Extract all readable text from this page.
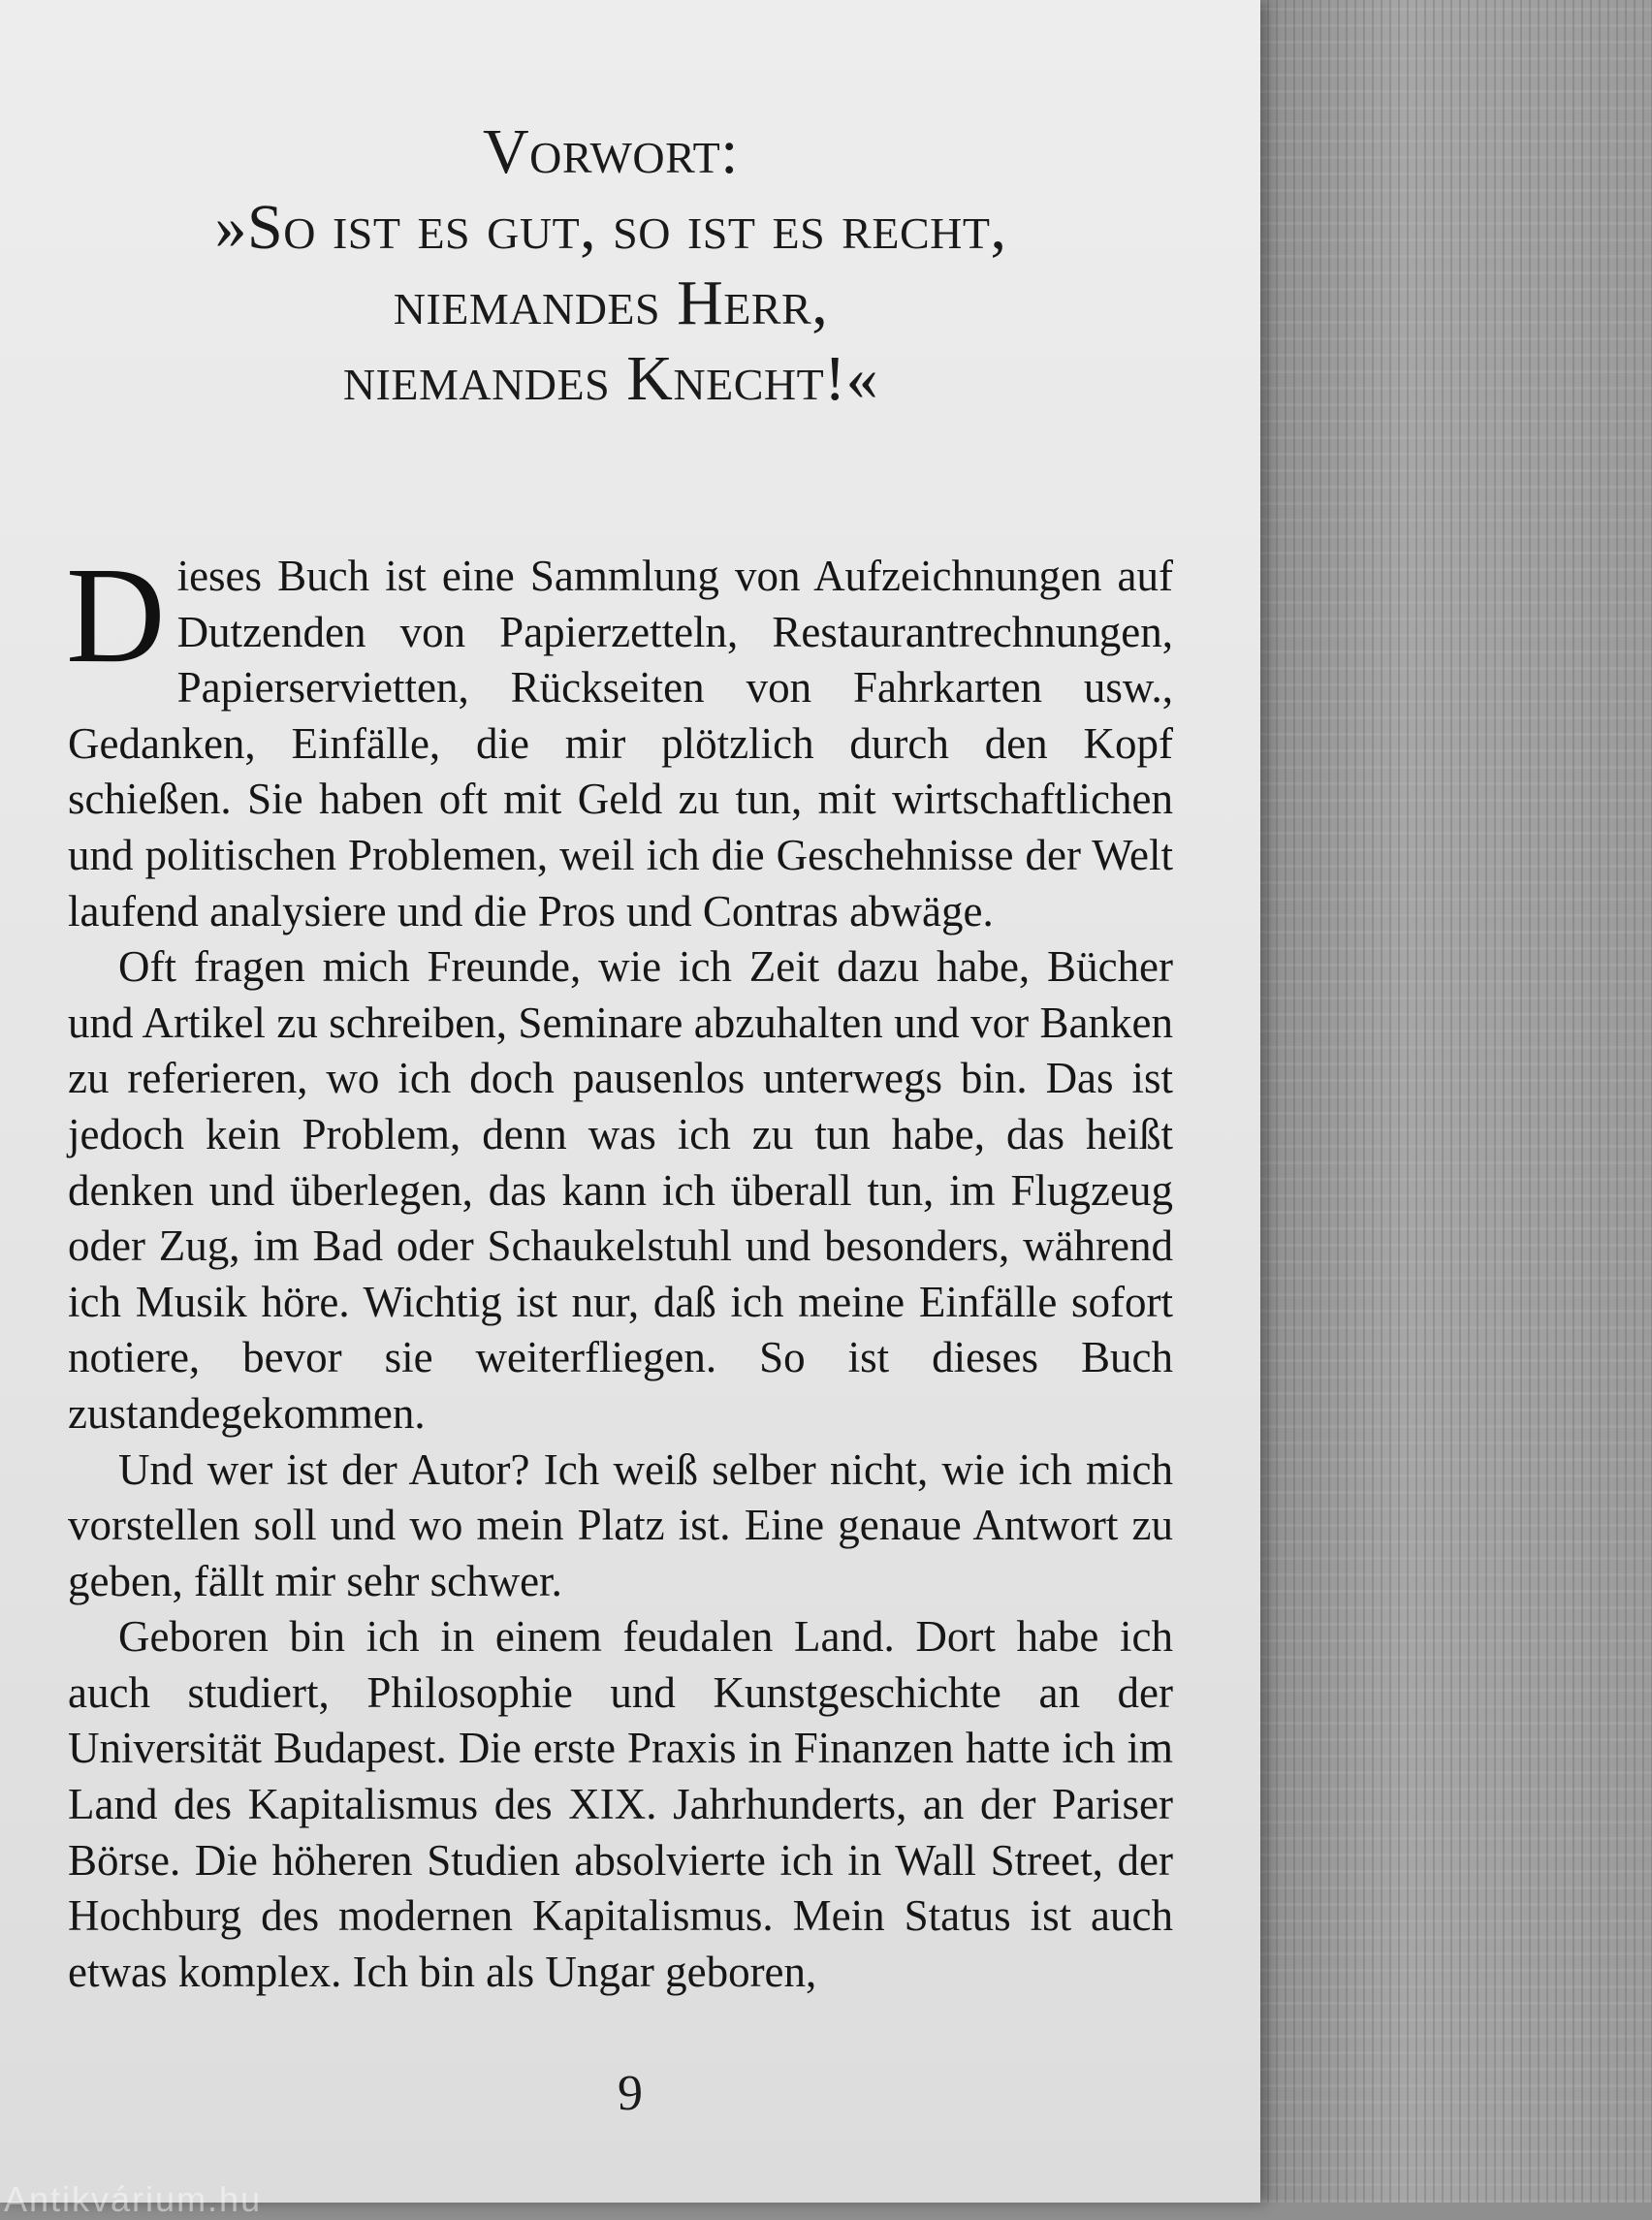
Vorwort:
»So ist es gut, so ist es recht,
niemandes Herr,
niemandes Knecht!«

Dieses Buch ist eine Sammlung von Aufzeichnungen auf Dutzenden von Papierzetteln, Restaurantrechnungen, Papierservietten, Rückseiten von Fahrkarten usw., Gedanken, Einfälle, die mir plötzlich durch den Kopf schießen. Sie haben oft mit Geld zu tun, mit wirtschaftlichen und politischen Problemen, weil ich die Geschehnisse der Welt laufend analysiere und die Pros und Contras abwäge.

Oft fragen mich Freunde, wie ich Zeit dazu habe, Bücher und Artikel zu schreiben, Seminare abzuhalten und vor Banken zu referieren, wo ich doch pausenlos unterwegs bin. Das ist jedoch kein Problem, denn was ich zu tun habe, das heißt denken und überlegen, das kann ich überall tun, im Flugzeug oder Zug, im Bad oder Schaukelstuhl und besonders, während ich Musik höre. Wichtig ist nur, daß ich meine Einfälle sofort notiere, bevor sie weiterfliegen. So ist dieses Buch zustandegekommen.

Und wer ist der Autor? Ich weiß selber nicht, wie ich mich vorstellen soll und wo mein Platz ist. Eine genaue Antwort zu geben, fällt mir sehr schwer.

Geboren bin ich in einem feudalen Land. Dort habe ich auch studiert, Philosophie und Kunstgeschichte an der Universität Budapest. Die erste Praxis in Finanzen hatte ich im Land des Kapitalismus des XIX. Jahrhunderts, an der Pariser Börse. Die höheren Studien absolvierte ich in Wall Street, der Hochburg des modernen Kapitalismus. Mein Status ist auch etwas komplex. Ich bin als Ungar geboren,

9
Antikvárium.hu
